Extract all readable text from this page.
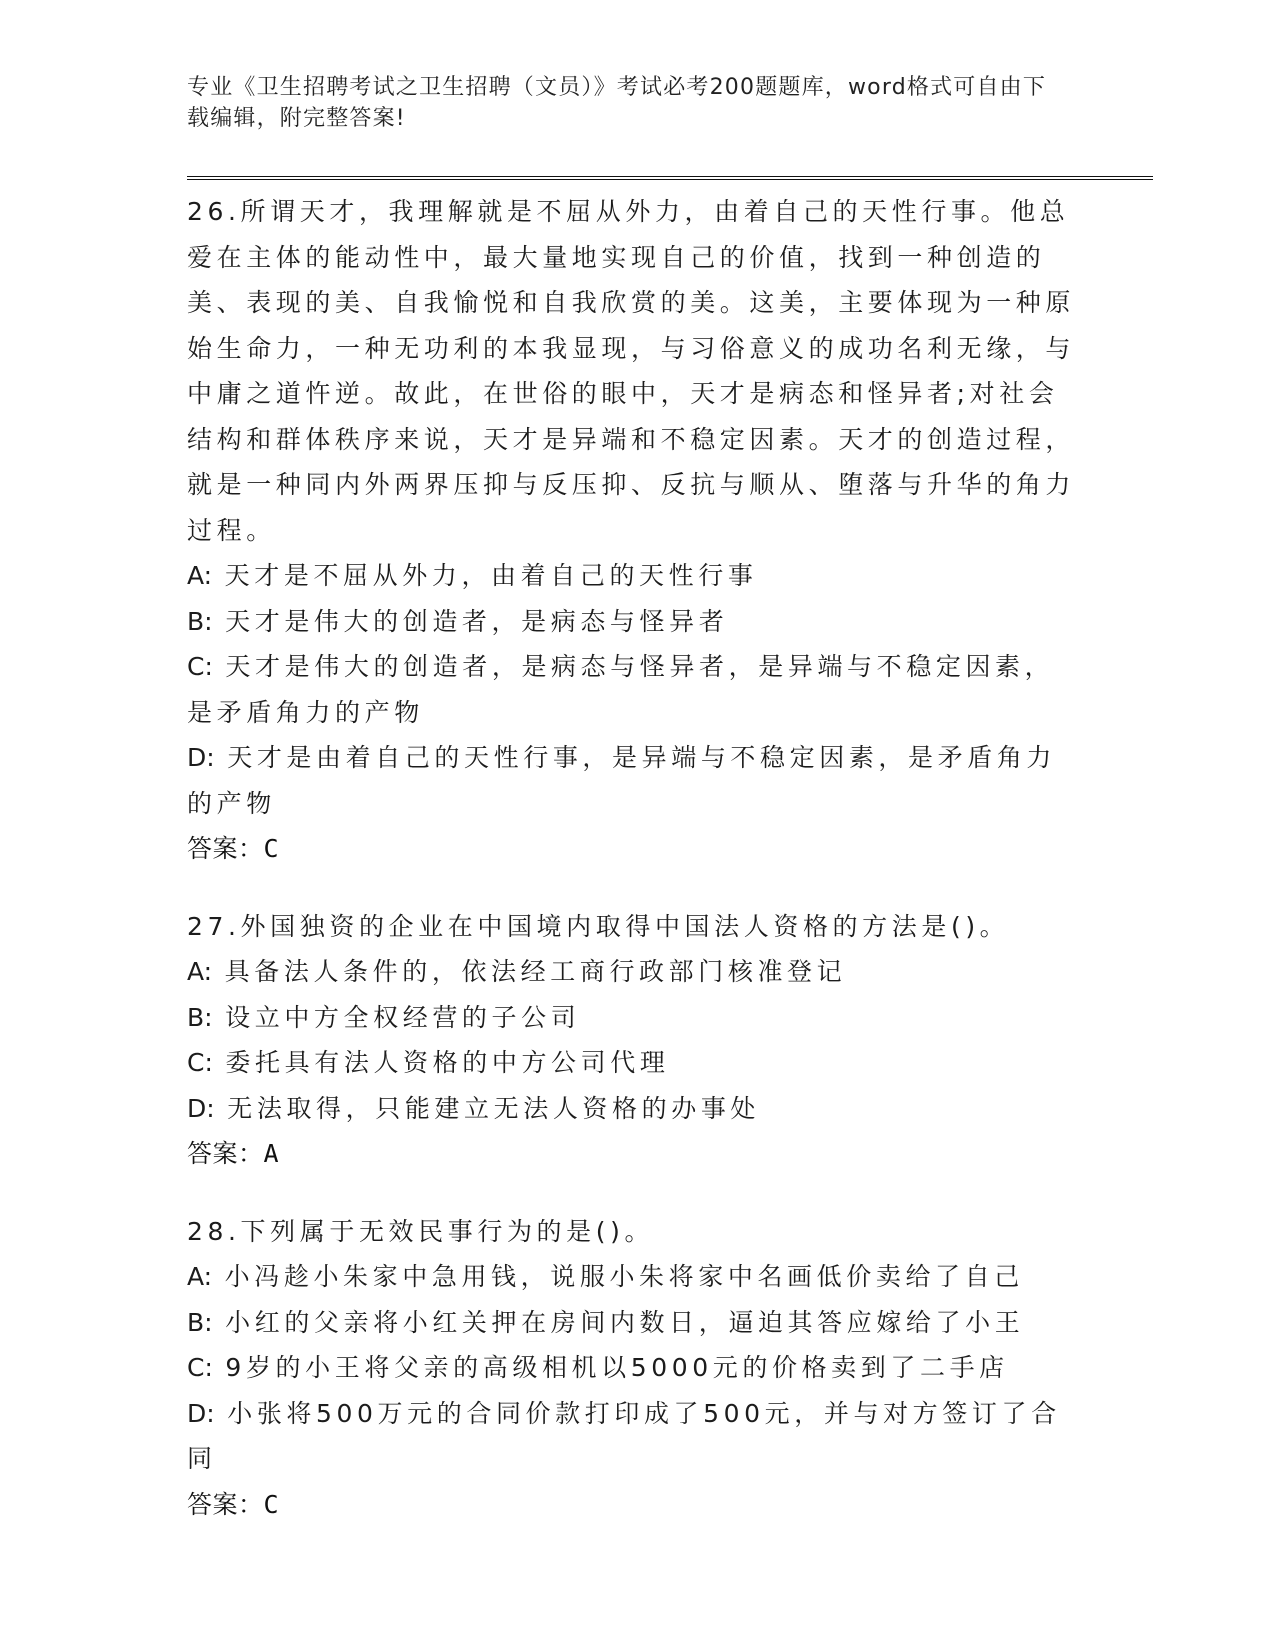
专业《卫生招聘考试之卫生招聘（文员）》考试必考200题题库，word格式可自由下载编辑，附完整答案!
26.所谓天才，我理解就是不屈从外力，由着自己的天性行事。他总爱在主体的能动性中，最大量地实现自己的价值，找到一种创造的美、表现的美、自我愉悦和自我欣赏的美。这美，主要体现为一种原始生命力，一种无功利的本我显现，与习俗意义的成功名利无缘，与中庸之道忤逆。故此，在世俗的眼中，天才是病态和怪异者;对社会结构和群体秩序来说，天才是异端和不稳定因素。天才的创造过程，就是一种同内外两界压抑与反压抑、反抗与顺从、堕落与升华的角力过程。
A: 天才是不屈从外力，由着自己的天性行事
B: 天才是伟大的创造者，是病态与怪异者
C: 天才是伟大的创造者，是病态与怪异者，是异端与不稳定因素，是矛盾角力的产物
D: 天才是由着自己的天性行事，是异端与不稳定因素，是矛盾角力的产物
答案：C
27.外国独资的企业在中国境内取得中国法人资格的方法是()。
A: 具备法人条件的，依法经工商行政部门核准登记
B: 设立中方全权经营的子公司
C: 委托具有法人资格的中方公司代理
D: 无法取得，只能建立无法人资格的办事处
答案：A
28.下列属于无效民事行为的是()。
A: 小冯趁小朱家中急用钱，说服小朱将家中名画低价卖给了自己
B: 小红的父亲将小红关押在房间内数日，逼迫其答应嫁给了小王
C: 9岁的小王将父亲的高级相机以5000元的价格卖到了二手店
D: 小张将500万元的合同价款打印成了500元，并与对方签订了合同
答案：C
